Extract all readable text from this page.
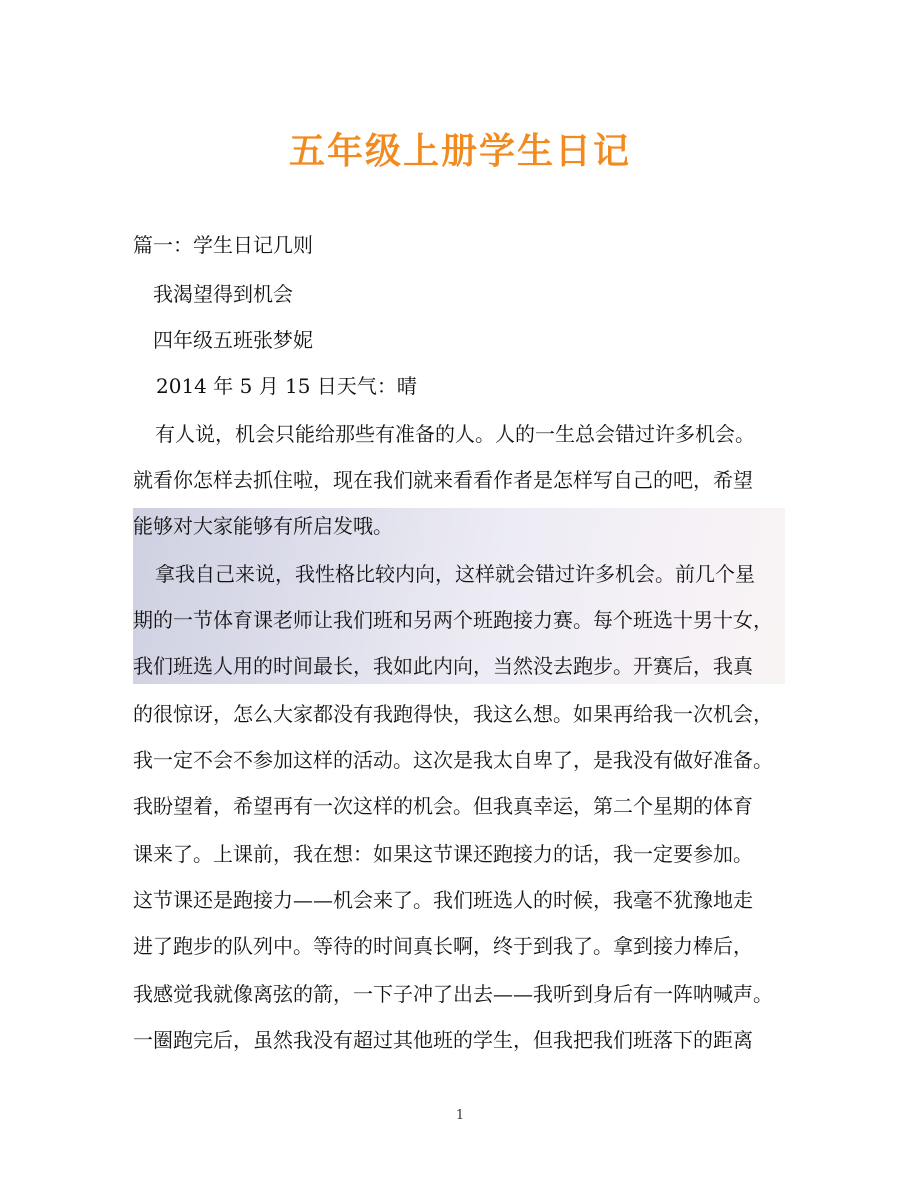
五年级上册学生日记
篇一：学生日记几则
我渴望得到机会
四年级五班张梦妮
2014 年 5 月 15 日天气：晴
有人说，机会只能给那些有准备的人。人的一生总会错过许多机会。
就看你怎样去抓住啦，现在我们就来看看作者是怎样写自己的吧，希望
能够对大家能够有所启发哦。
拿我自己来说，我性格比较内向，这样就会错过许多机会。前几个星
期的一节体育课老师让我们班和另两个班跑接力赛。每个班选十男十女，
我们班选人用的时间最长，我如此内向，当然没去跑步。开赛后，我真
的很惊讶，怎么大家都没有我跑得快，我这么想。如果再给我一次机会，
我一定不会不参加这样的活动。这次是我太自卑了，是我没有做好准备。
我盼望着，希望再有一次这样的机会。但我真幸运，第二个星期的体育
课来了。上课前，我在想：如果这节课还跑接力的话，我一定要参加。
这节课还是跑接力——机会来了。我们班选人的时候，我毫不犹豫地走
进了跑步的队列中。等待的时间真长啊，终于到我了。拿到接力棒后，
我感觉我就像离弦的箭，一下子冲了出去——我听到身后有一阵呐喊声。
一圈跑完后，虽然我没有超过其他班的学生，但我把我们班落下的距离
1
